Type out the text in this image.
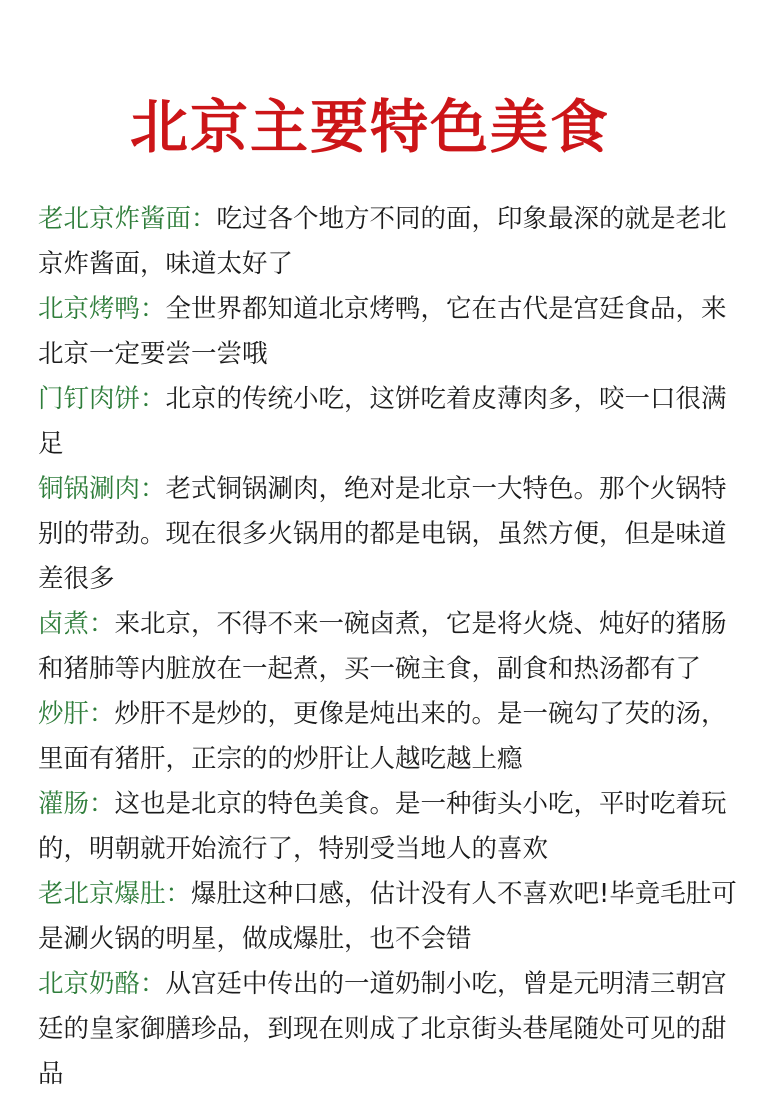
北京主要特色美食
老北京炸酱面：吃过各个地方不同的面，印象最深的就是老北京炸酱面，味道太好了
北京烤鸭：全世界都知道北京烤鸭，它在古代是宫廷食品，来北京一定要尝一尝哦
门钉肉饼：北京的传统小吃，这饼吃着皮薄肉多，咬一口很满足
铜锅涮肉：老式铜锅涮肉，绝对是北京一大特色。那个火锅特别的带劲。现在很多火锅用的都是电锅，虽然方便，但是味道差很多
卤煮：来北京，不得不来一碗卤煮，它是将火烧、炖好的猪肠和猪肺等内脏放在一起煮，买一碗主食，副食和热汤都有了
炒肝：炒肝不是炒的，更像是炖出来的。是一碗勾了芡的汤，里面有猪肝，正宗的的炒肝让人越吃越上瘾
灌肠：这也是北京的特色美食。是一种街头小吃，平时吃着玩的，明朝就开始流行了，特别受当地人的喜欢
老北京爆肚：爆肚这种口感，估计没有人不喜欢吧!毕竟毛肚可是涮火锅的明星，做成爆肚，也不会错
北京奶酪：从宫廷中传出的一道奶制小吃，曾是元明清三朝宫廷的皇家御膳珍品，到现在则成了北京街头巷尾随处可见的甜品
